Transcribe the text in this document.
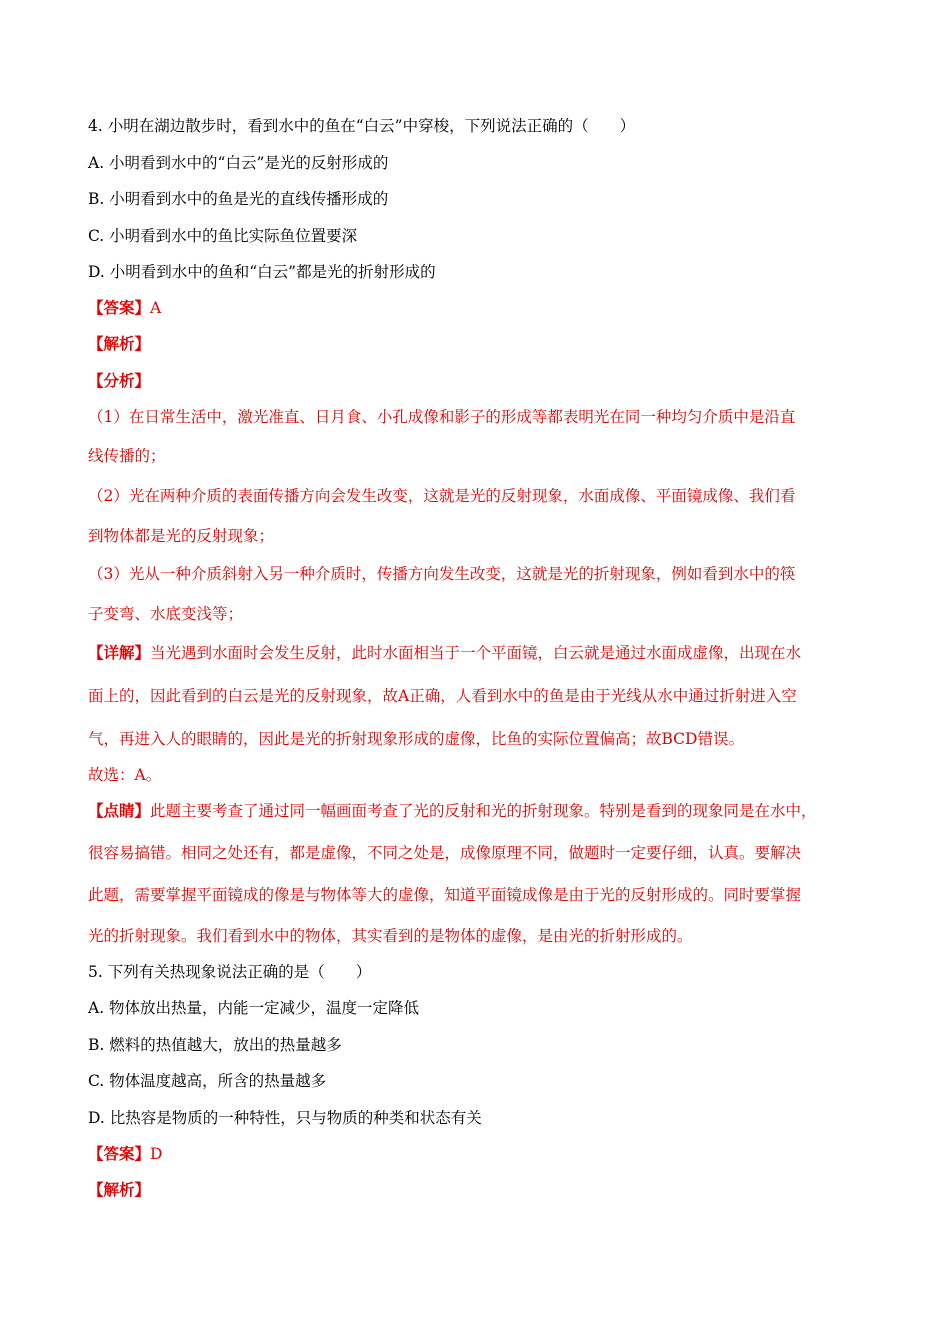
4. 小明在湖边散步时，看到水中的鱼在“白云”中穿梭，下列说法正确的（　　）
A. 小明看到水中的“白云”是光的反射形成的
B. 小明看到水中的鱼是光的直线传播形成的
C. 小明看到水中的鱼比实际鱼位置要深
D. 小明看到水中的鱼和“白云”都是光的折射形成的
【答案】A
【解析】
【分析】
（1）在日常生活中，激光准直、日月食、小孔成像和影子的形成等都表明光在同一种均匀介质中是沿直
线传播的；
（2）光在两种介质的表面传播方向会发生改变，这就是光的反射现象，水面成像、平面镜成像、我们看
到物体都是光的反射现象；
（3）光从一种介质斜射入另一种介质时，传播方向发生改变，这就是光的折射现象，例如看到水中的筷
子变弯、水底变浅等；
【详解】当光遇到水面时会发生反射，此时水面相当于一个平面镜，白云就是通过水面成虚像，出现在水
面上的，因此看到的白云是光的反射现象，故A正确，人看到水中的鱼是由于光线从水中通过折射进入空
气，再进入人的眼睛的，因此是光的折射现象形成的虚像，比鱼的实际位置偏高；故BCD错误。
故选：A。
【点睛】此题主要考查了通过同一幅画面考查了光的反射和光的折射现象。特别是看到的现象同是在水中，
很容易搞错。相同之处还有，都是虚像，不同之处是，成像原理不同，做题时一定要仔细，认真。要解决
此题，需要掌握平面镜成的像是与物体等大的虚像，知道平面镜成像是由于光的反射形成的。同时要掌握
光的折射现象。我们看到水中的物体，其实看到的是物体的虚像，是由光的折射形成的。
5. 下列有关热现象说法正确的是（　　）
A. 物体放出热量，内能一定减少，温度一定降低
B. 燃料的热值越大，放出的热量越多
C. 物体温度越高，所含的热量越多
D. 比热容是物质的一种特性，只与物质的种类和状态有关
【答案】D
【解析】
